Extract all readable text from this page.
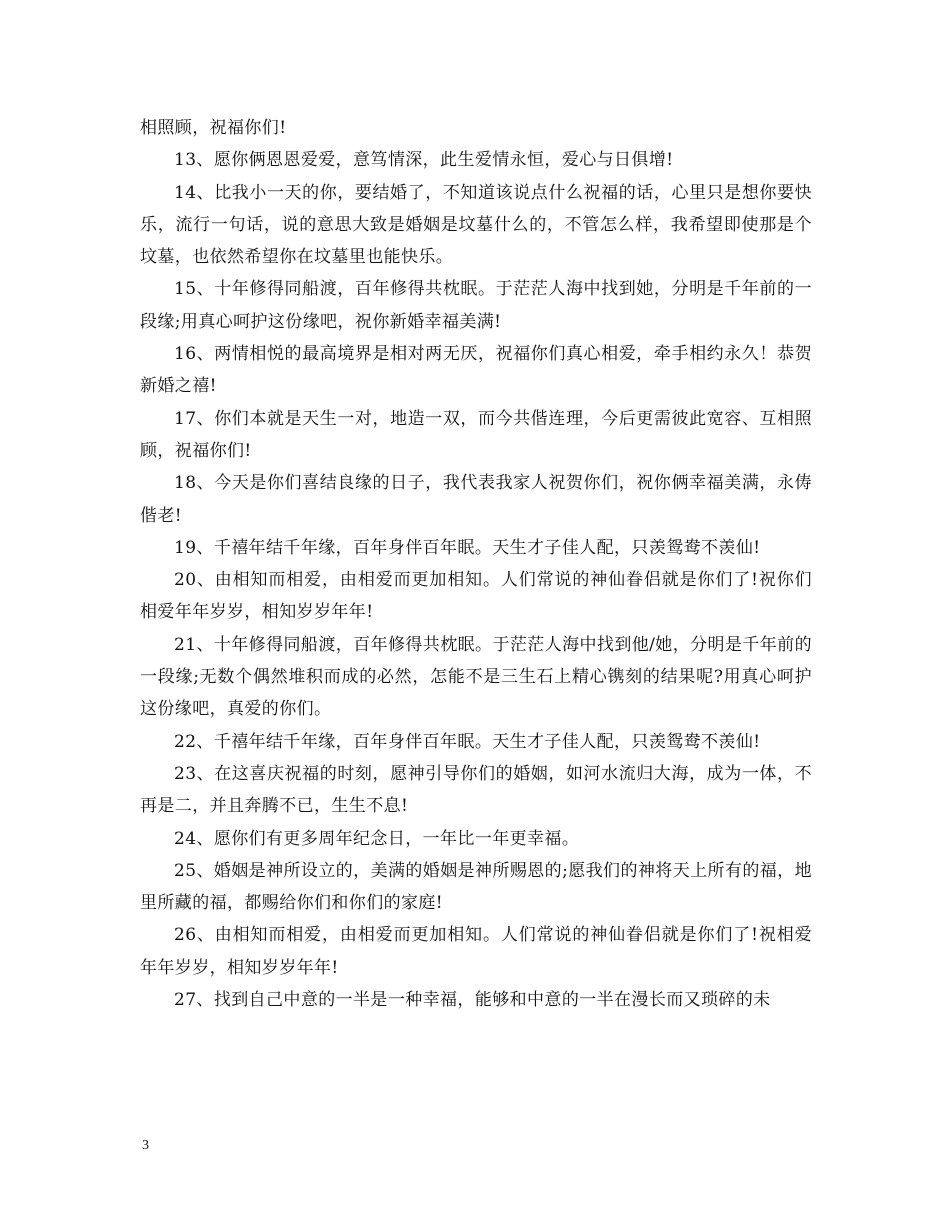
相照顾，祝福你们!

13、愿你俩恩恩爱爱，意笃情深，此生爱情永恒，爱心与日俱增!

14、比我小一天的你，要结婚了，不知道该说点什么祝福的话，心里只是想你要快乐，流行一句话，说的意思大致是婚姻是坟墓什么的，不管怎么样，我希望即使那是个坟墓，也依然希望你在坟墓里也能快乐。

15、十年修得同船渡，百年修得共枕眠。于茫茫人海中找到她，分明是千年前的一段缘;用真心呵护这份缘吧，祝你新婚幸福美满!

16、两情相悦的最高境界是相对两无厌，祝福你们真心相爱，牵手相约永久！恭贺新婚之禧!

17、你们本就是天生一对，地造一双，而今共偕连理，今后更需彼此宽容、互相照顾，祝福你们!

18、今天是你们喜结良缘的日子，我代表我家人祝贺你们，祝你俩幸福美满，永俦偕老!

19、千禧年结千年缘，百年身伴百年眠。天生才子佳人配，只羡鸳鸯不羡仙!

20、由相知而相爱，由相爱而更加相知。人们常说的神仙眷侣就是你们了!祝你们相爱年年岁岁，相知岁岁年年!

21、十年修得同船渡，百年修得共枕眠。于茫茫人海中找到他/她，分明是千年前的一段缘;无数个偶然堆积而成的必然，怎能不是三生石上精心镌刻的结果呢?用真心呵护这份缘吧，真爱的你们。

22、千禧年结千年缘，百年身伴百年眠。天生才子佳人配，只羡鸳鸯不羡仙!

23、在这喜庆祝福的时刻，愿神引导你们的婚姻，如河水流归大海，成为一体，不再是二，并且奔腾不已，生生不息!

24、愿你们有更多周年纪念日，一年比一年更幸福。

25、婚姻是神所设立的，美满的婚姻是神所赐恩的;愿我们的神将天上所有的福，地里所藏的福，都赐给你们和你们的家庭!

26、由相知而相爱，由相爱而更加相知。人们常说的神仙眷侣就是你们了!祝相爱年年岁岁，相知岁岁年年!

27、找到自己中意的一半是一种幸福，能够和中意的一半在漫长而又琐碎的未

3
